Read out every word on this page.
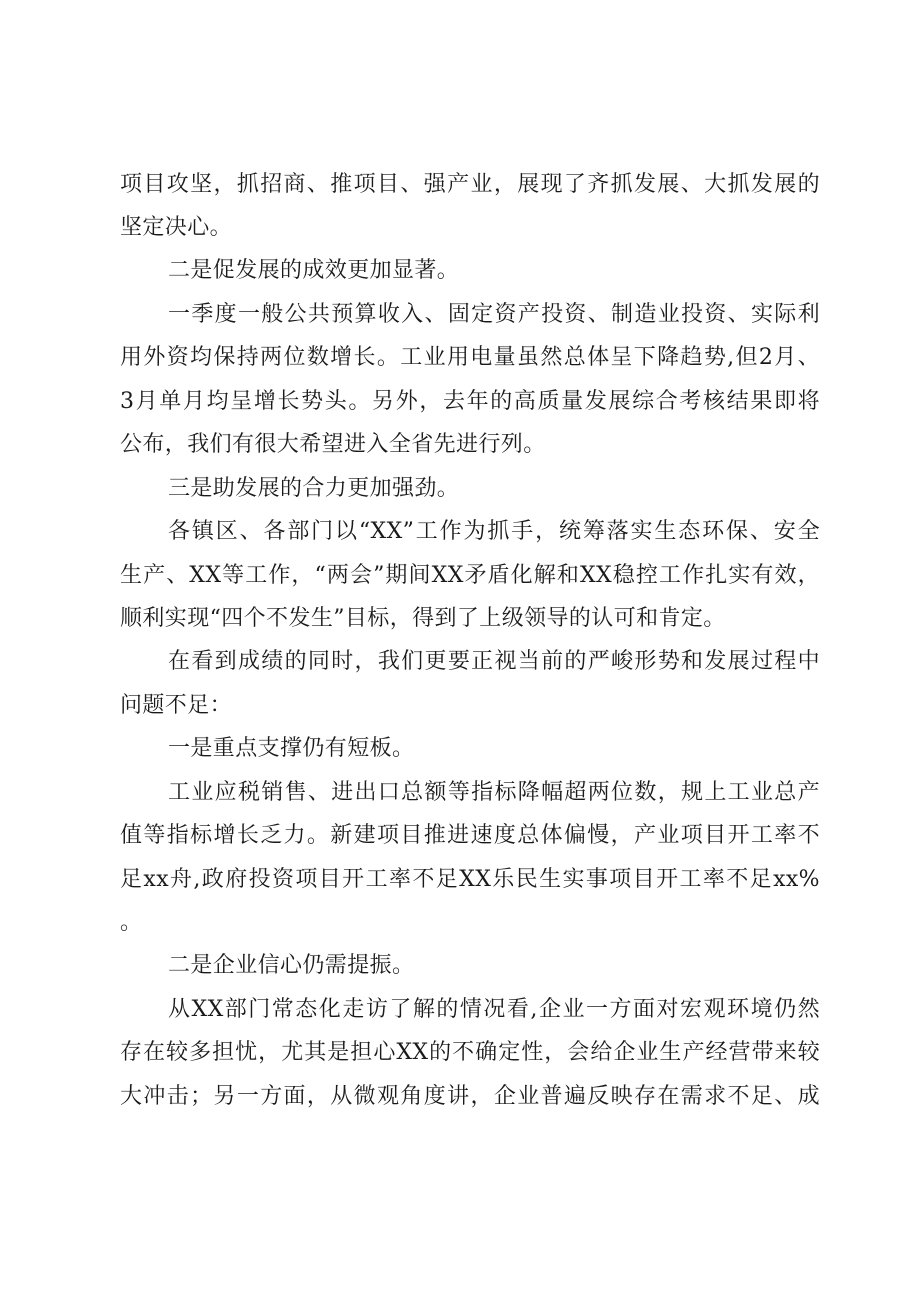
项目攻坚，抓招商、推项目、强产业，展现了齐抓发展、大抓发展的
坚定决心。
二是促发展的成效更加显著。
一季度一般公共预算收入、固定资产投资、制造业投资、实际利
用外资均保持两位数增长。工业用电量虽然总体呈下降趋势,但2月、
3月单月均呈增长势头。另外，去年的高质量发展综合考核结果即将
公布，我们有很大希望进入全省先进行列。
三是助发展的合力更加强劲。
各镇区、各部门以“XX”工作为抓手，统筹落实生态环保、安全
生产、XX等工作，“两会”期间XX矛盾化解和XX稳控工作扎实有效，
顺利实现“四个不发生”目标，得到了上级领导的认可和肯定。
在看到成绩的同时，我们更要正视当前的严峻形势和发展过程中
问题不足：
一是重点支撑仍有短板。
工业应税销售、进出口总额等指标降幅超两位数，规上工业总产
值等指标增长乏力。新建项目推进速度总体偏慢，产业项目开工率不
足xx舟,政府投资项目开工率不足XX乐民生实事项目开工率不足xx%
。
二是企业信心仍需提振。
从XX部门常态化走访了解的情况看,企业一方面对宏观环境仍然
存在较多担忧，尤其是担心XX的不确定性，会给企业生产经营带来较
大冲击；另一方面，从微观角度讲，企业普遍反映存在需求不足、成
